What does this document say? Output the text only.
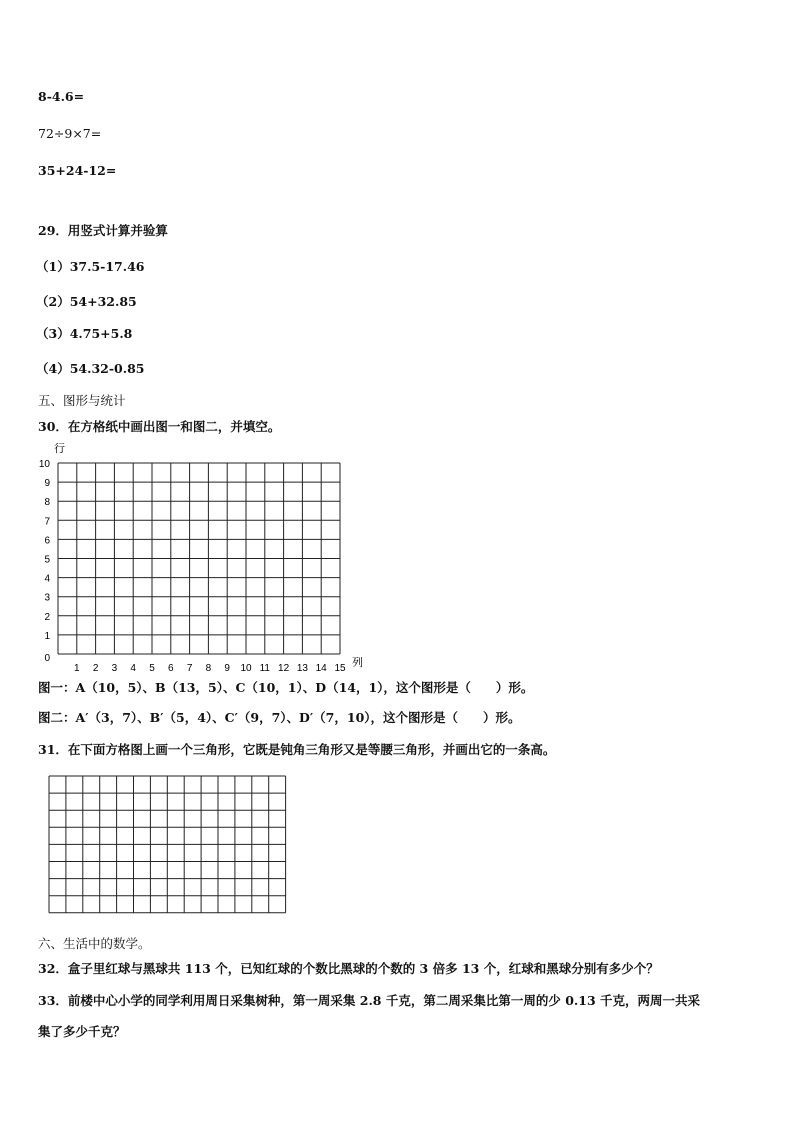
8-4.6=
72÷9×7=
35+24-12=
29．用竖式计算并验算
（1）37.5-17.46
（2）54+32.85
（3）4.75+5.8
（4）54.32-0.85
五、图形与统计
30．在方格纸中画出图一和图二，并填空。
10
9
8
7
6
5
4
3
2
1
0
1 2 3 4 5 6 7 8 9 10 11 12 13 14 15
行
列
图一：A（10，5）、B（13，5）、C（10，1）、D（14，1），这个图形是（　　）形。
图二：A′（3，7）、B′（5，4）、C′（9，7）、D′（7，10），这个图形是（　　）形。
31．在下面方格图上画一个三角形，它既是钝角三角形又是等腰三角形，并画出它的一条高。
六、生活中的数学。
32．盒子里红球与黑球共 113 个，已知红球的个数比黑球的个数的 3 倍多 13 个，红球和黑球分别有多少个？
33．前楼中心小学的同学利用周日采集树种，第一周采集 2.8 千克，第二周采集比第一周的少 0.13 千克，两周一共采
集了多少千克？
